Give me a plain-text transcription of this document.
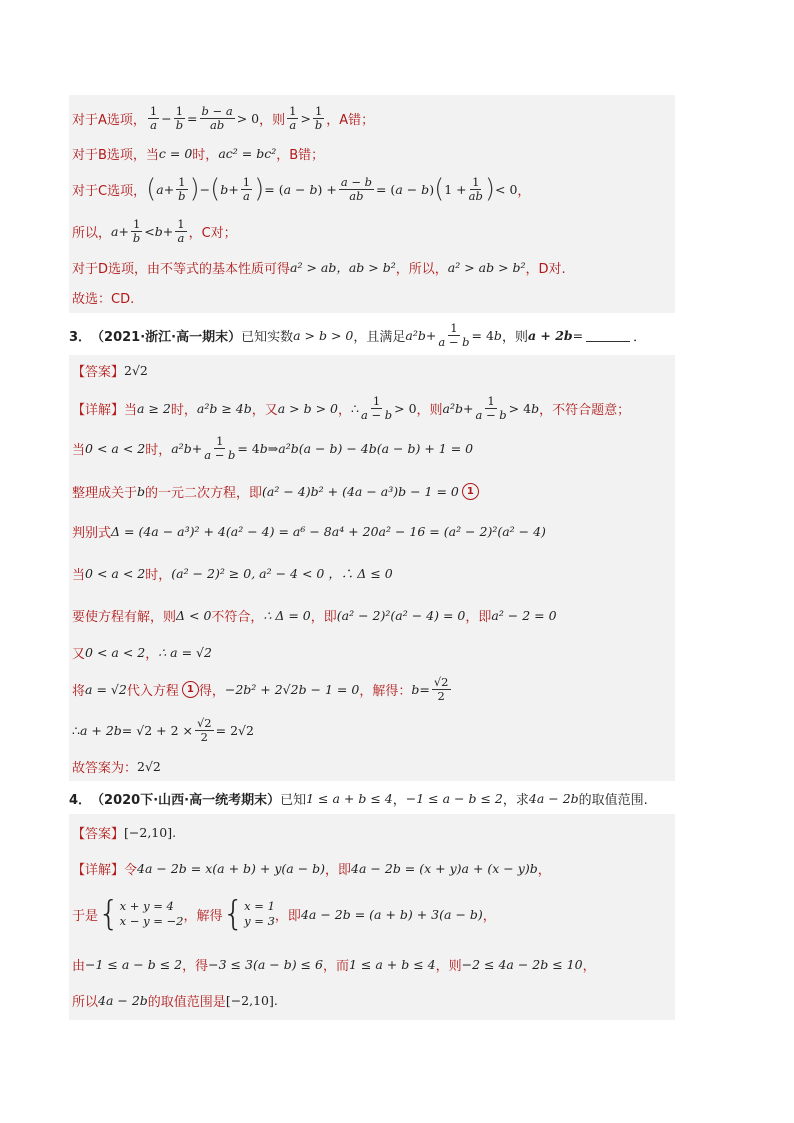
对于A选项， $\frac{1}{a} - \frac{1}{b} = \frac{b - a}{ab} > 0$ ，则 $\frac{1}{a} > \frac{1}{b}$ ，A错；
对于B选项，当 c = 0 时， ac² = bc² ，B错；
对于C选项， ( $a + \frac{1}{b}$ ) − ( $b + \frac{1}{a}$ ) = ( a − b ) + $\frac{a - b}{ab}$ = ( a − b ) ( $1 + \frac{1}{ab}$ ) < 0 ，
所以， $a + \frac{1}{b} < b + \frac{1}{a}$ ，C对；
对于D选项，由不等式的基本性质可得 a² > ab，ab > b² ，所以， a² > ab > b² ，D对.
故选：CD.
3． （2021·浙江·高一期末） 已知实数 a > b > 0 ，且满足 $a^2b + \frac{1}{a - b} = 4$ b ，则 a + 2b =	．
【答案】 2√2
【详解】 当 a ≥ 2 时， a²b ≥ 4b ，又 a > b > 0 ， ∴ $\frac{1}{a - b} > 0$ ，则 $a^2b + \frac{1}{a - b} > 4$ b ，不符合题意；
当 0 < a < 2 时， $a^2b + \frac{1}{a - b} = 4$ b ⇒ a²b(a − b) − 4b(a − b) + 1 = 0
整理成关于 b 的一元二次方程，即 (a² − 4)b² + (4a − a³)b − 1 = 0 1
判别式 Δ = (4a − a³)² + 4(a² − 4) = a⁶ − 8a⁴ + 20a² − 16 = (a² − 2)²(a² − 4)
当 0 < a < 2 时， (a² − 2)² ≥ 0, a² − 4 < 0 ，∴ Δ ≤ 0
要使方程有解，则 Δ < 0 不符合， ∴ Δ = 0 ，即 (a² − 2)²(a² − 4) = 0 ，即 a² − 2 = 0
又 0 < a < 2 ， ∴ a = √2
将 a = √2 代入方程 1 得， −2b² + 2√2b − 1 = 0 ，解得： $b = \frac{√2}{2}$
∴ $a + 2b = √2 + 2 \times \frac{√2}{2} = 2√2$
故答案为： 2√2
4． （2020下·山西·高一统考期末） 已知 1 ≤ a + b ≤ 4 ， −1 ≤ a − b ≤ 2 ，求 4a − 2b 的取值范围.
【答案】 [−2,10] .
【详解】 令 4a − 2b = x(a + b) + y(a − b) ，即 4a − 2b = (x + y)a + (x − y)b ，
于是 { x + y = 4
x − y = −2 ，解得 { x = 1
y = 3 ，即 4a − 2b = (a + b) + 3(a − b) ，
由 −1 ≤ a − b ≤ 2 ，得 −3 ≤ 3(a − b) ≤ 6 ，而 1 ≤ a + b ≤ 4 ，则 −2 ≤ 4a − 2b ≤ 10 ，
所以 4a − 2b 的取值范围是 [−2,10] .
